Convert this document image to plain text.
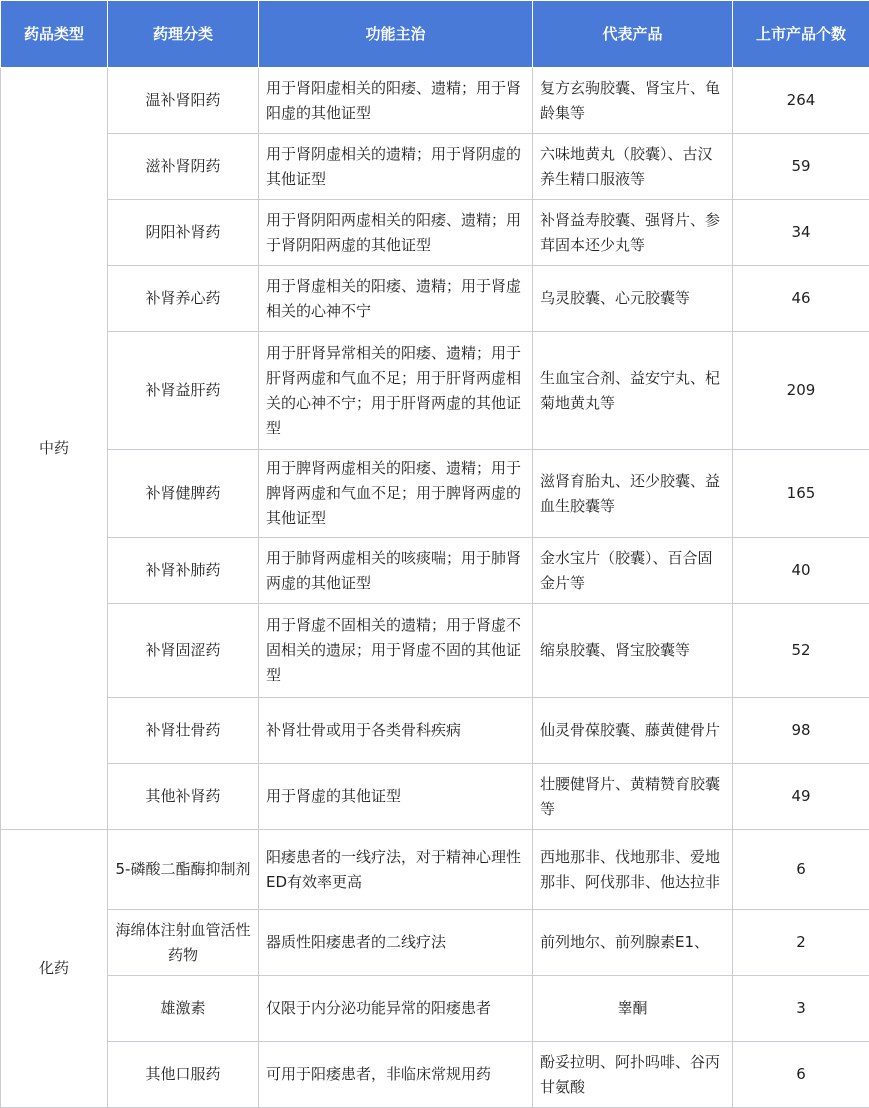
药品类型	药理分类	功能主治	代表产品	上市产品个数
中药	温补肾阳药	用于肾阳虚相关的阳痿、遗精；用于肾阳虚的其他证型	复方玄驹胶囊、肾宝片、龟龄集等	264
	滋补肾阴药	用于肾阴虚相关的遗精；用于肾阴虚的其他证型	六味地黄丸（胶囊）、古汉养生精口服液等	59
	阴阳补肾药	用于肾阴阳两虚相关的阳痿、遗精；用于肾阴阳两虚的其他证型	补肾益寿胶囊、强肾片、参茸固本还少丸等	34
	补肾养心药	用于肾虚相关的阳痿、遗精；用于肾虚相关的心神不宁	乌灵胶囊、心元胶囊等	46
	补肾益肝药	用于肝肾异常相关的阳痿、遗精；用于肝肾两虚和气血不足；用于肝肾两虚相关的心神不宁；用于肝肾两虚的其他证型	生血宝合剂、益安宁丸、杞菊地黄丸等	209
	补肾健脾药	用于脾肾两虚相关的阳痿、遗精；用于脾肾两虚和气血不足；用于脾肾两虚的其他证型	滋肾育胎丸、还少胶囊、益血生胶囊等	165
	补肾补肺药	用于肺肾两虚相关的咳痰喘；用于肺肾两虚的其他证型	金水宝片（胶囊）、百合固金片等	40
	补肾固涩药	用于肾虚不固相关的遗精；用于肾虚不固相关的遗尿；用于肾虚不固的其他证型	缩泉胶囊、肾宝胶囊等	52
	补肾壮骨药	补肾壮骨或用于各类骨科疾病	仙灵骨葆胶囊、藤黄健骨片	98
	其他补肾药	用于肾虚的其他证型	壮腰健肾片、黄精赞育胶囊等	49
化药	5-磷酸二酯酶抑制剂	阳痿患者的一线疗法，对于精神心理性ED有效率更高	西地那非、伐地那非、爱地那非、阿伐那非、他达拉非	6
	海绵体注射血管活性药物	器质性阳痿患者的二线疗法	前列地尔、前列腺素E1、	2
	雄激素	仅限于内分泌功能异常的阳痿患者	睾酮	3
	其他口服药	可用于阳痿患者，非临床常规用药	酚妥拉明、阿扑吗啡、谷丙甘氨酸	6
